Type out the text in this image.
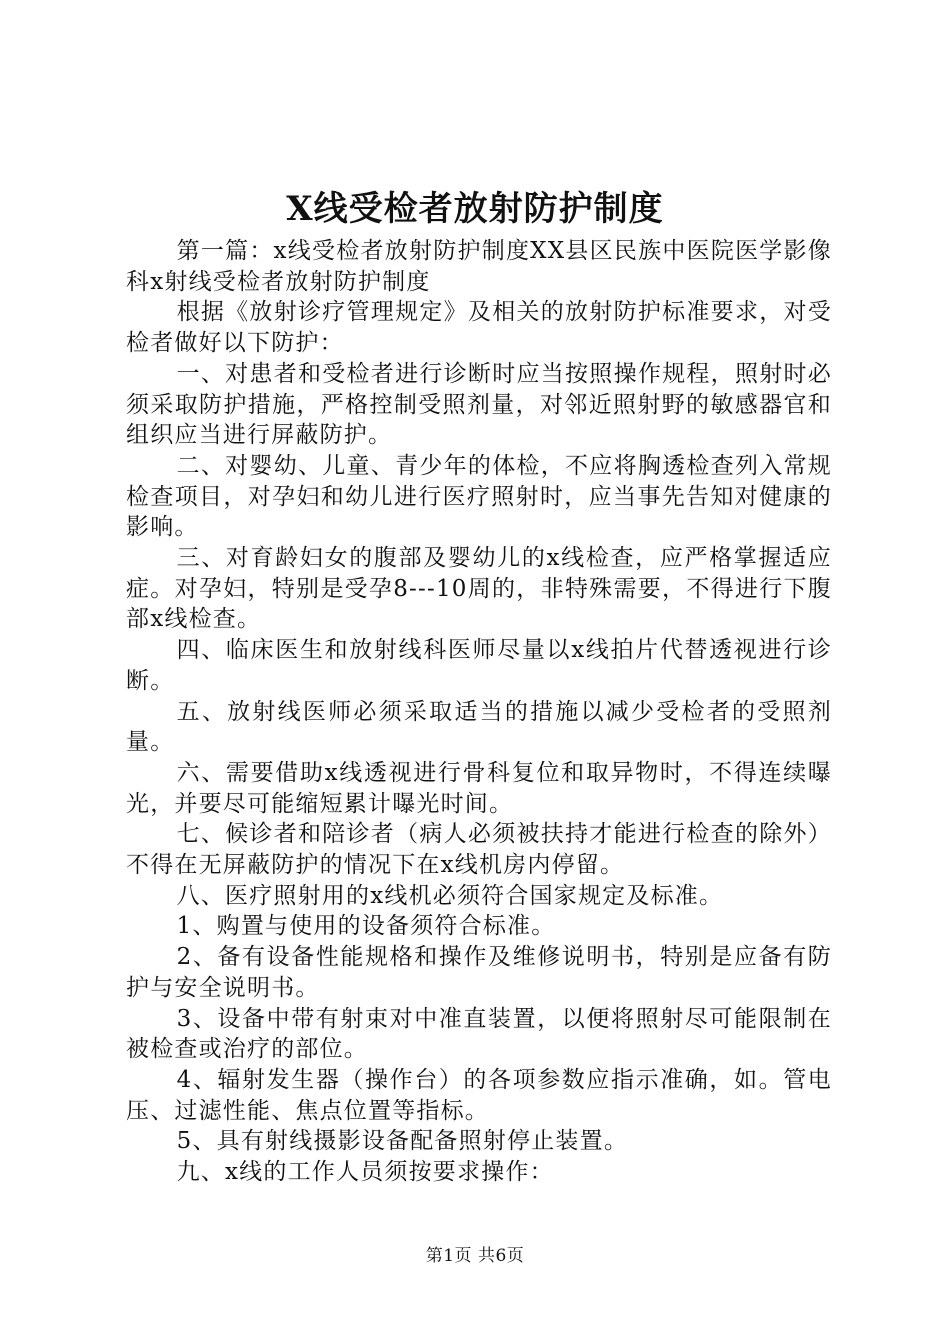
X线受检者放射防护制度

第一篇：x线受检者放射防护制度XX县区民族中医院医学影像科x射线受检者放射防护制度

根据《放射诊疗管理规定》及相关的放射防护标准要求，对受检者做好以下防护：

一、对患者和受检者进行诊断时应当按照操作规程，照射时必须采取防护措施，严格控制受照剂量，对邻近照射野的敏感器官和组织应当进行屏蔽防护。

二、对婴幼、儿童、青少年的体检，不应将胸透检查列入常规检查项目，对孕妇和幼儿进行医疗照射时，应当事先告知对健康的影响。

三、对育龄妇女的腹部及婴幼儿的x线检查，应严格掌握适应症。对孕妇，特别是受孕8---10周的，非特殊需要，不得进行下腹部x线检查。

四、临床医生和放射线科医师尽量以x线拍片代替透视进行诊断。

五、放射线医师必须采取适当的措施以减少受检者的受照剂量。

六、需要借助x线透视进行骨科复位和取异物时，不得连续曝光，并要尽可能缩短累计曝光时间。

七、候诊者和陪诊者（病人必须被扶持才能进行检查的除外）不得在无屏蔽防护的情况下在x线机房内停留。

八、医疗照射用的x线机必须符合国家规定及标准。

1、购置与使用的设备须符合标准。

2、备有设备性能规格和操作及维修说明书，特别是应备有防护与安全说明书。

3、设备中带有射束对中准直装置，以便将照射尽可能限制在被检查或治疗的部位。

4、辐射发生器（操作台）的各项参数应指示准确，如。管电压、过滤性能、焦点位置等指标。

5、具有射线摄影设备配备照射停止装置。

九、x线的工作人员须按要求操作：

第1页 共6页
